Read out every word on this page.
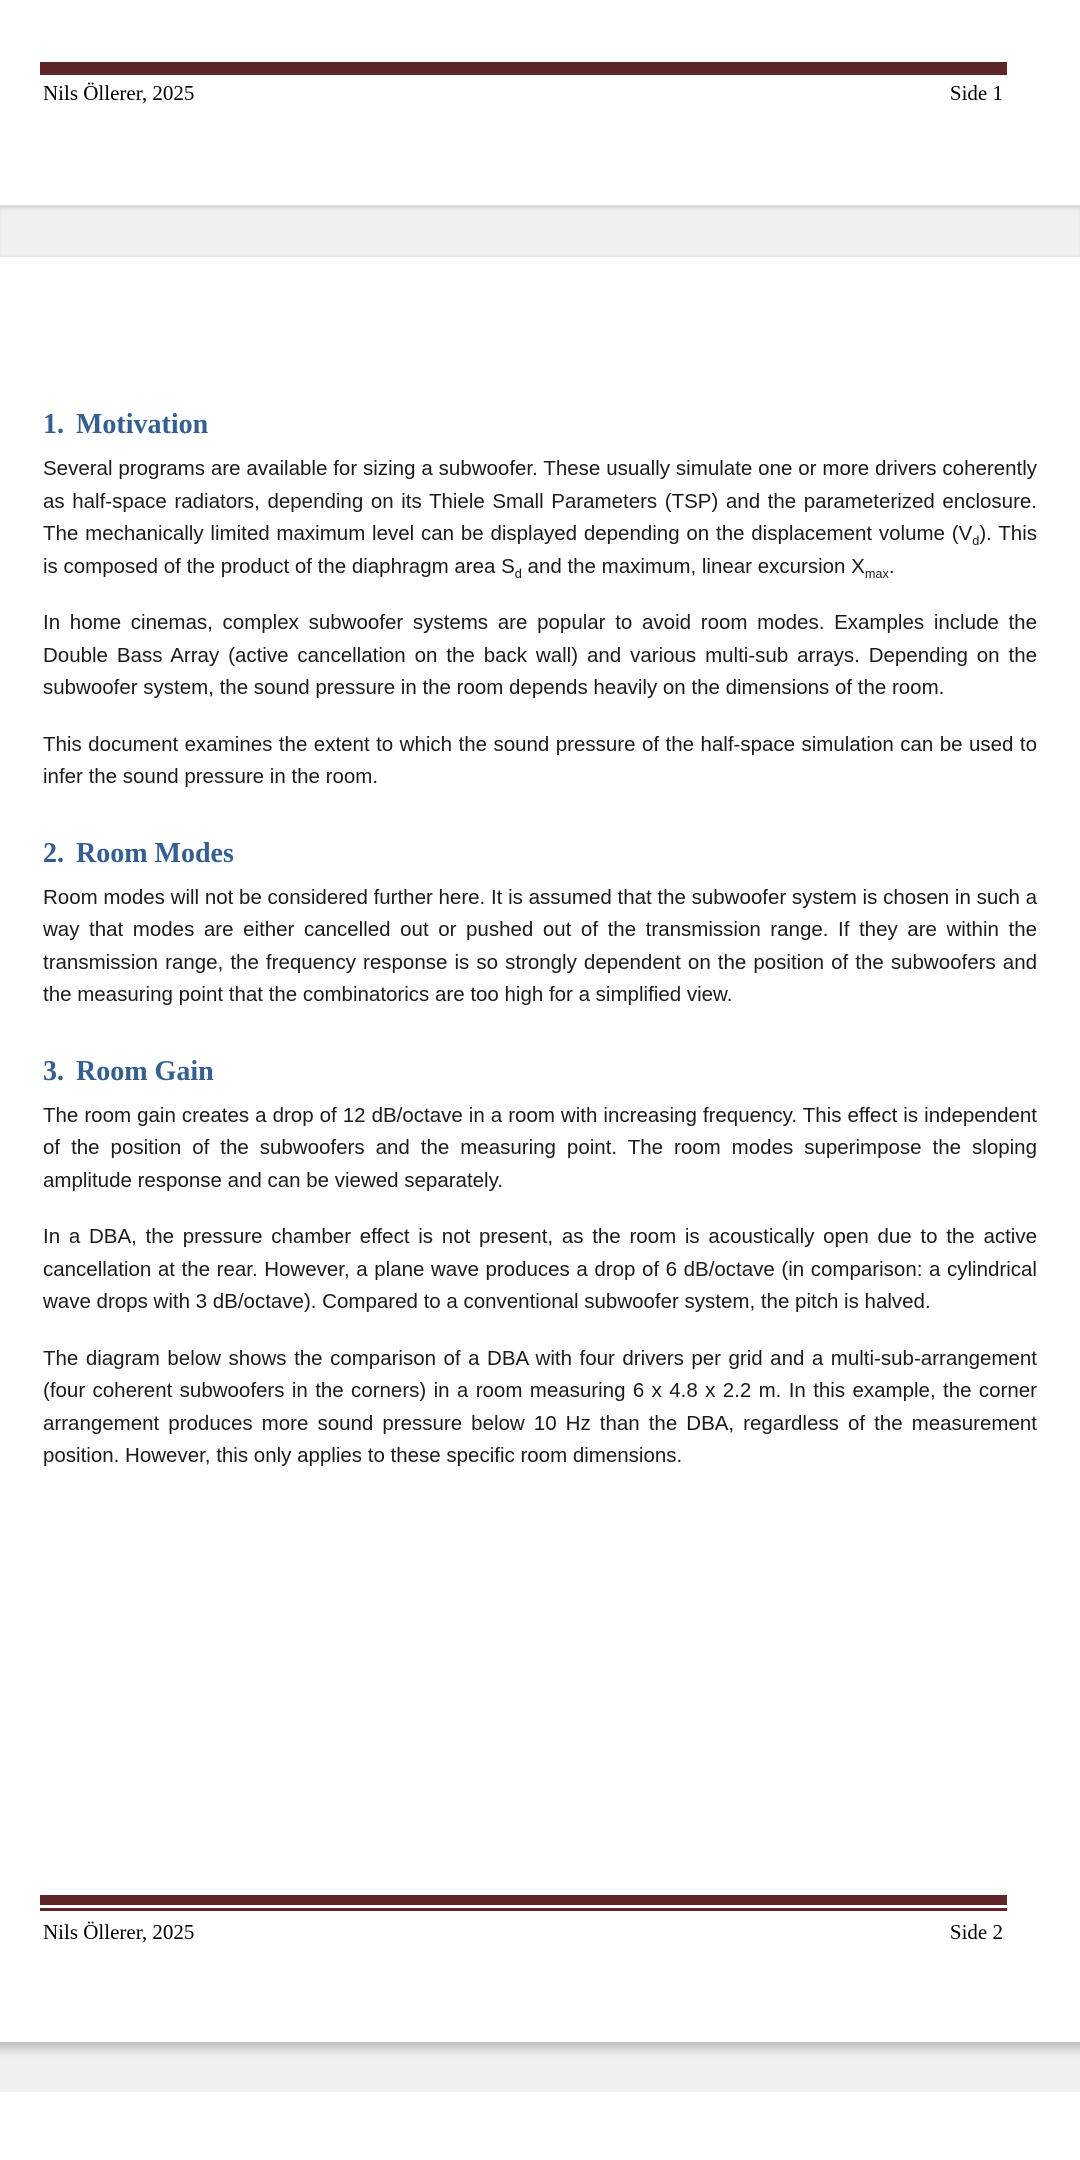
Nils Öllerer, 2025	Side 1
1. Motivation

Several programs are available for sizing a subwoofer. These usually simulate one or more drivers coherently as half-space radiators, depending on its Thiele Small Parameters (TSP) and the parameterized enclosure. The mechanically limited maximum level can be displayed depending on the displacement volume $(V_d)$. This is composed of the product of the diaphragm area $S_d$ and the maximum, linear excursion $X_{max}$.

In home cinemas, complex subwoofer systems are popular to avoid room modes. Examples include the Double Bass Array (active cancellation on the back wall) and various multi-sub arrays. Depending on the subwoofer system, the sound pressure in the room depends heavily on the dimensions of the room.

This document examines the extent to which the sound pressure of the half-space simulation can be used to infer the sound pressure in the room.

2. Room Modes

Room modes will not be considered further here. It is assumed that the subwoofer system is chosen in such a way that modes are either cancelled out or pushed out of the transmission range. If they are within the transmission range, the frequency response is so strongly dependent on the position of the subwoofers and the measuring point that the combinatorics are too high for a simplified view.

3. Room Gain

The room gain creates a drop of 12 dB/octave in a room with increasing frequency. This effect is independent of the position of the subwoofers and the measuring point. The room modes superimpose the sloping amplitude response and can be viewed separately.

In a DBA, the pressure chamber effect is not present, as the room is acoustically open due to the active cancellation at the rear. However, a plane wave produces a drop of 6 dB/octave (in comparison: a cylindrical wave drops with 3 dB/octave). Compared to a conventional subwoofer system, the pitch is halved.

The diagram below shows the comparison of a DBA with four drivers per grid and a multi-sub-arrangement (four coherent subwoofers in the corners) in a room measuring 6 x 4.8 x 2.2 m. In this example, the corner arrangement produces more sound pressure below 10 Hz than the DBA, regardless of the measurement position. However, this only applies to these specific room dimensions.

Nils Öllerer, 2025	Side 2
